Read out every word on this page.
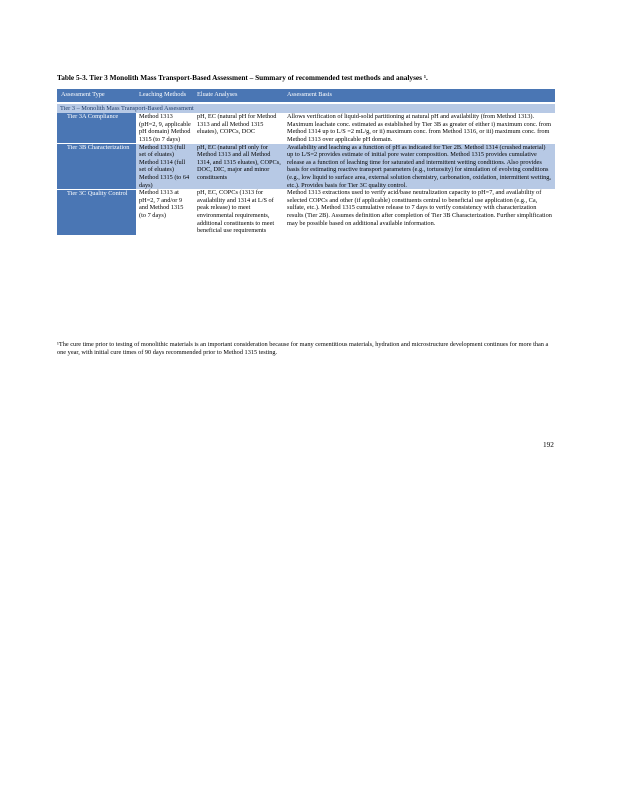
Table 5-3. Tier 3 Monolith Mass Transport-Based Assessment – Summary of recommended test methods and analyses ¹.
Assessment Type	Leaching Methods	Eluate Analyses	Assessment Basis
Tier 3 – Monolith Mass Transport-Based Assessment			
Tier 3A Compliance	Method 1313 (pH=2, 9, applicable pH domain) Method 1315 (to 7 days)	pH, EC (natural pH for Method 1313 and all Method 1315 eluates), COPCs, DOC	Allows verification of liquid-solid partitioning at natural pH and availability (from Method 1313). Maximum leachate conc. estimated as established by Tier 3B as greater of either i) maximum conc. from Method 1314 up to L/S =2 mL/g, or ii) maximum conc. from Method 1316, or iii) maximum conc. from Method 1313 over applicable pH domain.
Tier 3B Characterization	Method 1313 (full set of eluates) Method 1314 (full set of eluates) Method 1315 (to 64 days)	pH, EC (natural pH only for Method 1313 and all Method 1314, and 1315 eluates), COPCs, DOC, DIC, major and minor constituents	Availability and leaching as a function of pH as indicated for Tier 2B. Method 1314 (crushed material) up to L/S=2 provides estimate of initial pore water composition. Method 1315 provides cumulative release as a function of leaching time for saturated and intermittent wetting conditions. Also provides basis for estimating reactive transport parameters (e.g., tortuosity) for simulation of evolving conditions (e.g., low liquid to surface area, external solution chemistry, carbonation, oxidation, intermittent wetting, etc.). Provides basis for Tier 3C quality control.
Tier 3C Quality Control	Method 1313 at pH=2, 7 and/or 9 and Method 1315 (to 7 days)	pH, EC, COPCs (1313 for availability and 1314 at L/S of peak release) to meet environmental requirements, additional constituents to meet beneficial use requirements	Method 1313 extractions used to verify acid/base neutralization capacity to pH=7, and availability of selected COPCs and other (if applicable) constituents central to beneficial use application (e.g., Ca, sulfate, etc.). Method 1315 cumulative release to 7 days to verify consistency with characterization results (Tier 2B). Assumes definition after completion of Tier 3B Characterization. Further simplification may be possible based on additional available information.
¹The cure time prior to testing of monolithic materials is an important consideration because for many cementitious materials, hydration and microstructure development continues for more than a one year, with initial cure times of 90 days recommended prior to Method 1315 testing.
192
